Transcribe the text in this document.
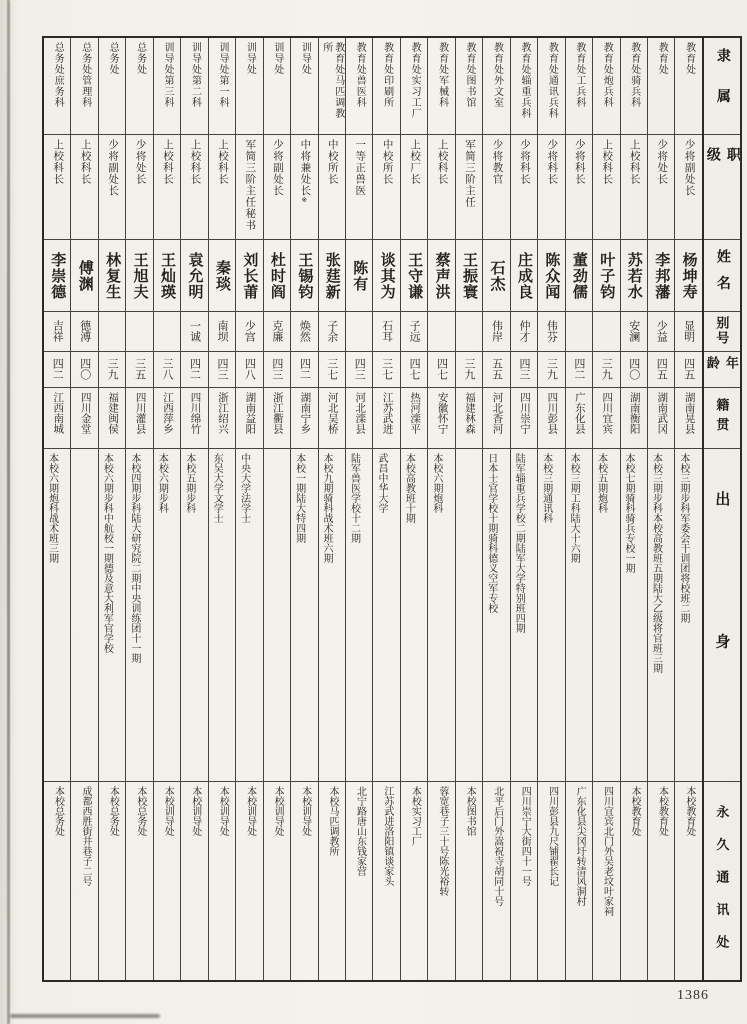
总务处庶务科
上校科长
李崇德
吉祥
四二
江西南城
本校六期炮科战术班三期
本校总务处
总务处管理科
上校科长
傅渊
德溥
四〇
四川金堂
成都西胜街井巷子二号
总务处
少将副处长
林复生
三九
福建闽侯
本校六期步科中航校一期德及意大利军官学校
本校总务处
总务处
少将处长
王旭夫
三五
四川灌县
本校四期步科陆大研究院二期中央训练团十一期
本校总务处
训导处第三科
上校科长
王灿瑛
三八
江西萍乡
本校六期步科
本校训导处
训导处第二科
上校科长
袁允明
一诚
四二
四川绵竹
本校五期步科
本校训导处
训导处第一科
上校科长
秦琰
南坝
四三
浙江绍兴
东吴大学文学士
本校训导处
训导处
军简三阶主任秘书
刘长莆
少宫
四八
湖南益阳
中央大学法学士
本校训导处
训导处
少将副处长
杜时阎
克廉
四三
浙江衢县
本校训导处
训导处
中将兼处长
※
王锡钧
焕然
四二
湖南宁乡
本校一期陆大特四期
本校训导处
教育处马匹调教所
中校所长
张莛新
子余
三七
河北吴桥
本校九期骑科战术班六期
本校马匹调教所
教育处兽医科
一等正兽医
陈有
四三
河北滦县
陆军兽医学校十二期
北宁路唐山东钱家营
教育处印刷所
中校所长
谈其为
石耳
三七
江苏武进
武昌中华大学
江苏武进洛阳镇谈家头
教育处实习工厂
上校厂长
王守谦
子远
四七
热河滦平
本校高教班十期
本校实习工厂
教育处军械科
上校科长
蔡声洪
四七
安徽怀宁
本校六期炮科
蓉宽巷子三十号陈光裕转
教育处图书馆
军简三阶主任
王振寰
三九
福建林森
本校图书馆
教育处外文室
少将教官
石杰
伟岸
五五
河北香河
日本士官学校十期骑科德义空军专校
北平后门外嵩祝寺胡同十号
教育处辎重兵科
少将科长
庄成良
仲才
四三
四川崇宁
陆军辎重兵学校二期陆军大学特别班四期
四川崇宁大街四十一号
教育处通讯兵科
少将科长
陈众闻
伟芬
三九
四川彭县
本校三期通讯科
四川彭县九尺铺翟长记
教育处工兵科
少将科长
董劲儒
四二
广东化县
本校三期工科陆大十六期
广东化县尖冈圩转清风洞村
教育处炮兵科
上校科长
叶子钧
三九
四川宜宾
本校五期炮科
四川宜宾北门外吴老坟叶家祠
教育处骑兵科
上校科长
苏若水
安澜
四〇
湖南衡阳
本校七期骑科骑兵专校一期
本校教育处
教育处
少将处长
李邦藩
少益
四五
湖南武冈
本校三期步科本校高教班五期陆大乙级将官班三期
本校教育处
教育处
少将副处长
杨坤寿
显明
四五
湖南晃县
本校三期步科军委会干训团将校班二期
本校教育处
隶属
职级
姓名
别号
年龄
籍贯
出身
永久通讯处
1386
